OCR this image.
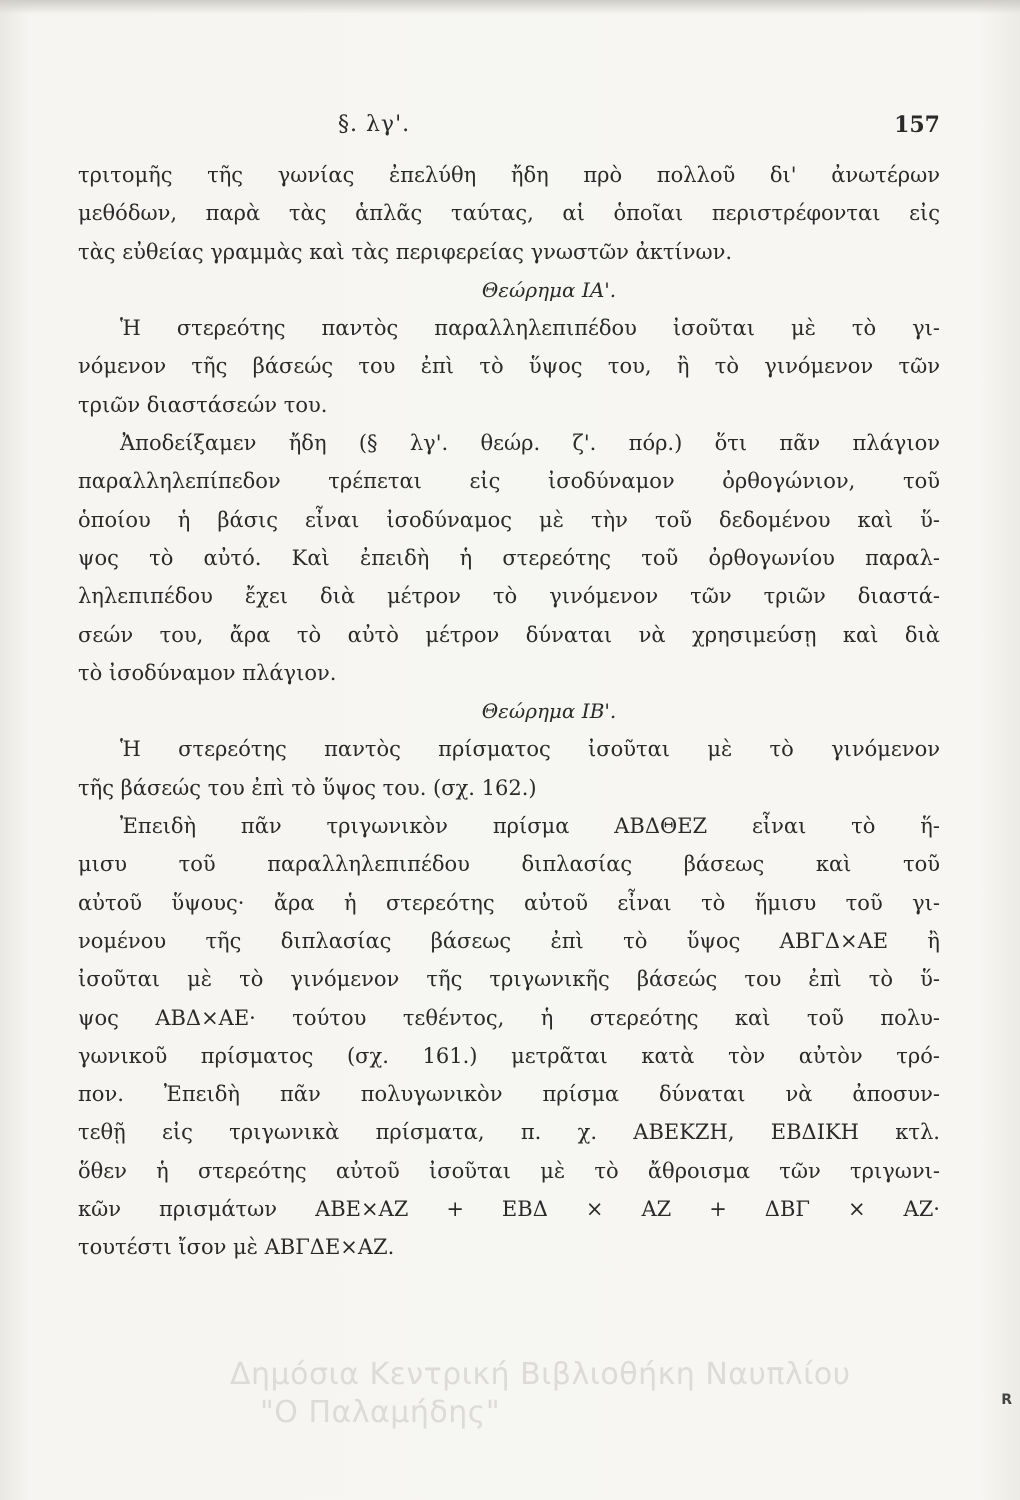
§. λγ'.	157
τριτομῆς τῆς γωνίας ἐπελύθη ἤδη πρὸ πολλοῦ δι' ἀνωτέρων
μεθόδων, παρὰ τὰς ἁπλᾶς ταύτας, αἱ ὁποῖαι περιστρέφονται εἰς
τὰς εὐθείας γραμμὰς καὶ τὰς περιφερείας γνωστῶν ἀκτίνων.
Θεώρημα ΙΑ'.
Ἡ στερεότης παντὸς παραλληλεπιπέδου ἰσοῦται μὲ τὸ γι-
νόμενον τῆς βάσεώς του ἐπὶ τὸ ὕψος του, ἢ τὸ γινόμενον τῶν
τριῶν διαστάσεών του.
Ἀποδείξαμεν ἤδη (§ λγ'. θεώρ. ζ'. πόρ.) ὅτι πᾶν πλάγιον
παραλληλεπίπεδον τρέπεται εἰς ἰσοδύναμον ὀρθογώνιον, τοῦ
ὁποίου ἡ βάσις εἶναι ἰσοδύναμος μὲ τὴν τοῦ δεδομένου καὶ ὕ-
ψος τὸ αὐτό. Καὶ ἐπειδὴ ἡ στερεότης τοῦ ὀρθογωνίου παραλ-
ληλεπιπέδου ἔχει διὰ μέτρον τὸ γινόμενον τῶν τριῶν διαστά-
σεών του, ἄρα τὸ αὐτὸ μέτρον δύναται νὰ χρησιμεύσῃ καὶ διὰ
τὸ ἰσοδύναμον πλάγιον.
Θεώρημα ΙΒ'.
Ἡ στερεότης παντὸς πρίσματος ἰσοῦται μὲ τὸ γινόμενον
τῆς βάσεώς του ἐπὶ τὸ ὕψος του. (σχ. 162.)
Ἐπειδὴ πᾶν τριγωνικὸν πρίσμα ΑΒΔΘΕΖ εἶναι τὸ ἥ-
μισυ τοῦ παραλληλεπιπέδου διπλασίας βάσεως καὶ τοῦ
αὐτοῦ ὕψους· ἄρα ἡ στερεότης αὐτοῦ εἶναι τὸ ἥμισυ τοῦ γι-
νομένου τῆς διπλασίας βάσεως ἐπὶ τὸ ὕψος ΑΒΓΔ×ΑΕ ἢ
ἰσοῦται μὲ τὸ γινόμενον τῆς τριγωνικῆς βάσεώς του ἐπὶ τὸ ὕ-
ψος ΑΒΔ×ΑΕ· τούτου τεθέντος, ἡ στερεότης καὶ τοῦ πολυ-
γωνικοῦ πρίσματος (σχ. 161.) μετρᾶται κατὰ τὸν αὐτὸν τρό-
πον. Ἐπειδὴ πᾶν πολυγωνικὸν πρίσμα δύναται νὰ ἀποσυν-
τεθῇ εἰς τριγωνικὰ πρίσματα, π. χ. ΑΒΕΚΖΗ, ΕΒΔΙΚΗ κτλ.
ὅθεν ἡ στερεότης αὐτοῦ ἰσοῦται μὲ τὸ ἄθροισμα τῶν τριγωνι-
κῶν πρισμάτων ΑΒΕ×ΑΖ + ΕΒΔ × ΑΖ + ΔΒΓ × ΑΖ·
τουτέστι ἴσον μὲ ΑΒΓΔΕ×ΑΖ.
Δημόσια Κεντρική Βιβλιοθήκη Ναυπλίου
"Ο Παλαμήδης"	R
